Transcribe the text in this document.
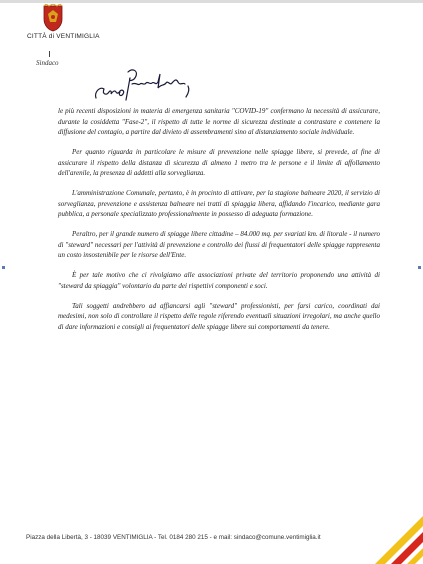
CITTÀ di VENTIMIGLIA
Sindaco

le più recenti disposizioni in materia di emergenza sanitaria "COVID-19" confermano la necessità di assicurare, durante la cosiddetta "Fase-2", il rispetto di tutte le norme di sicurezza destinate a contrastare e contenere la diffusione del contagio, a partire dal divieto di assembramenti sino al distanziamento sociale individuale.

Per quanto riguarda in particolare le misure di prevenzione nelle spiagge libere, si prevede, al fine di assicurare il rispetto della distanza di sicurezza di almeno 1 metro tra le persone e il limite di affollamento dell'arenile, la presenza di addetti alla sorveglianza.

L'amministrazione Comunale, pertanto, è in procinto di attivare, per la stagione balneare 2020, il servizio di sorveglianza, prevenzione e assistenza balneare nei tratti di spiaggia libera, affidando l'incarico, mediante gara pubblica, a personale specializzato professionalmente in possesso di adeguata formazione.

Peraltro, per il grande numero di spiagge libere cittadine – 84.000 mq. per svariati km. di litorale - il numero di "steward" necessari per l'attività di prevenzione e controllo dei flussi di frequentatori delle spiagge rappresenta un costo insostenibile per le risorse dell'Ente.

È per tale motivo che ci rivolgiamo alle associazioni private del territorio proponendo una attività di "steward da spiaggia" volontario da parte dei rispettivi componenti e soci.

Tali soggetti andrebbero ad affiancarsi agli "steward" professionisti, per farsi carico, coordinati dai medesimi, non solo di controllare il rispetto delle regole riferendo eventuali situazioni irregolari, ma anche quello di dare informazioni e consigli ai frequentatori delle spiagge libere sui comportamenti da tenere.

Piazza della Libertà, 3 - 18039 VENTIMIGLIA - Tel. 0184 280 215 - e mail: sindaco@comune.ventimiglia.it
